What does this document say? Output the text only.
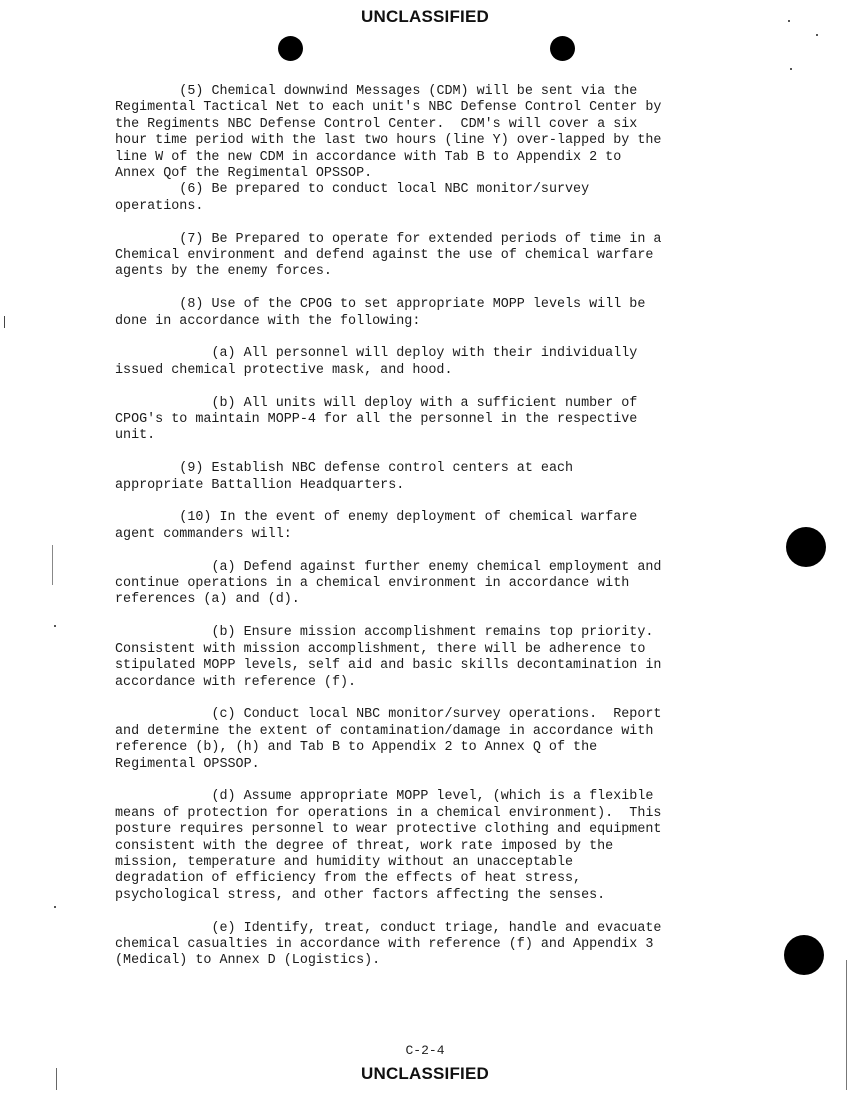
UNCLASSIFIED

(5) Chemical downwind Messages (CDM) will be sent via the
Regimental Tactical Net to each unit's NBC Defense Control Center by
the Regiments NBC Defense Control Center.  CDM's will cover a six
hour time period with the last two hours (line Y) over-lapped by the
line W of the new CDM in accordance with Tab B to Appendix 2 to
Annex Qof the Regimental OPSSOP.

(6) Be prepared to conduct local NBC monitor/survey
operations.

(7) Be Prepared to operate for extended periods of time in a
Chemical environment and defend against the use of chemical warfare
agents by the enemy forces.

(8) Use of the CPOG to set appropriate MOPP levels will be
done in accordance with the following:

(a) All personnel will deploy with their individually
issued chemical protective mask, and hood.

(b) All units will deploy with a sufficient number of
CPOG's to maintain MOPP-4 for all the personnel in the respective
unit.

(9) Establish NBC defense control centers at each
appropriate Battallion Headquarters.

(10) In the event of enemy deployment of chemical warfare
agent commanders will:

(a) Defend against further enemy chemical employment and
continue operations in a chemical environment in accordance with
references (a) and (d).

(b) Ensure mission accomplishment remains top priority.
Consistent with mission accomplishment, there will be adherence to
stipulated MOPP levels, self aid and basic skills decontamination in
accordance with reference (f).

(c) Conduct local NBC monitor/survey operations.  Report
and determine the extent of contamination/damage in accordance with
reference (b), (h) and Tab B to Appendix 2 to Annex Q of the
Regimental OPSSOP.

(d) Assume appropriate MOPP level, (which is a flexible
means of protection for operations in a chemical environment).  This
posture requires personnel to wear protective clothing and equipment
consistent with the degree of threat, work rate imposed by the
mission, temperature and humidity without an unacceptable
degradation of efficiency from the effects of heat stress,
psychological stress, and other factors affecting the senses.

(e) Identify, treat, conduct triage, handle and evacuate
chemical casualties in accordance with reference (f) and Appendix 3
(Medical) to Annex D (Logistics).

C-2-4
UNCLASSIFIED
